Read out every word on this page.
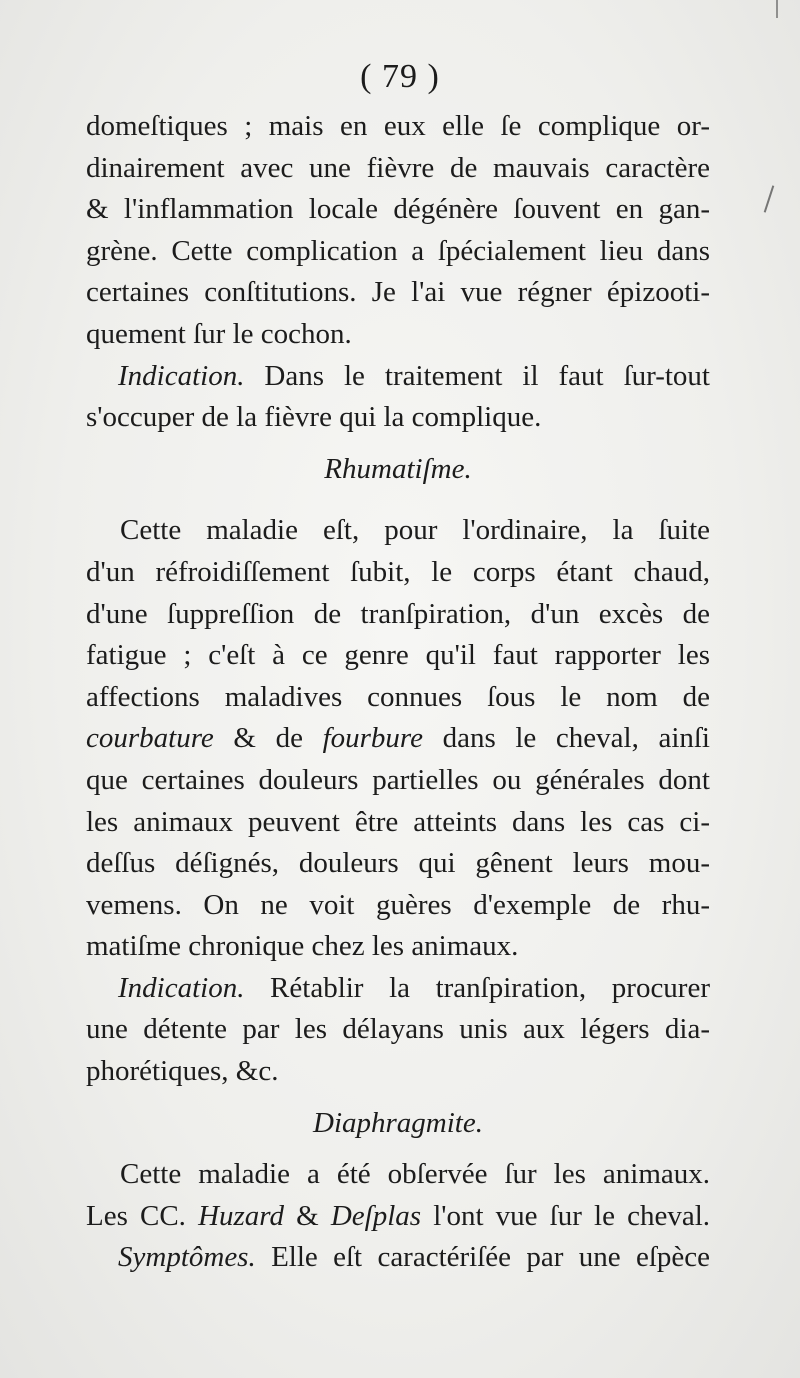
( 79 )
domeſtiques ; mais en eux elle ſe complique or-
dinairement avec une fièvre de mauvais caractère
& l'inflammation locale dégénère ſouvent en gan-
grène. Cette complication a ſpécialement lieu dans
certaines conſtitutions. Je l'ai vue régner épizooti-
quement ſur le cochon.
Indication. Dans le traitement il faut ſur-tout
s'occuper de la fièvre qui la complique.
Rhumatiſme.
Cette maladie eſt, pour l'ordinaire, la ſuite
d'un réfroidiſſement ſubit, le corps étant chaud,
d'une ſuppreſſion de tranſpiration, d'un excès de
fatigue ; c'eſt à ce genre qu'il faut rapporter les
affections maladives connues ſous le nom de
courbature & de fourbure dans le cheval, ainſi
que certaines douleurs partielles ou générales dont
les animaux peuvent être atteints dans les cas ci-
deſſus déſignés, douleurs qui gênent leurs mou-
vemens. On ne voit guères d'exemple de rhu-
matiſme chronique chez les animaux.
Indication. Rétablir la tranſpiration, procurer
une détente par les délayans unis aux légers dia-
phorétiques, &c.
Diaphragmite.
Cette maladie a été obſervée ſur les animaux.
Les CC. Huzard & Deſplas l'ont vue ſur le cheval.
Symptômes. Elle eſt caractériſée par une eſpèce
